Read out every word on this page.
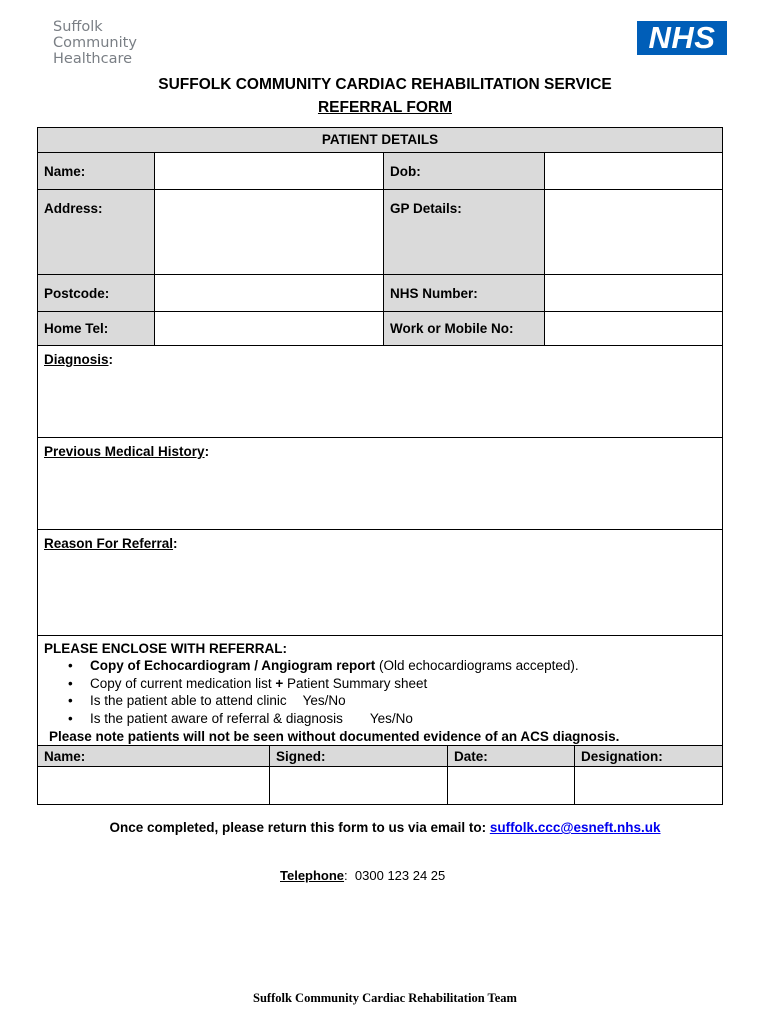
Suffolk
Community
Healthcare
NHS
SUFFOLK COMMUNITY CARDIAC REHABILITATION SERVICE
REFERRAL FORM
PATIENT DETAILS
Name:	Dob:
Address:	GP Details:
Postcode:	NHS Number:
Home Tel:	Work or Mobile No:
Diagnosis:
Previous Medical History:
Reason For Referral:
PLEASE ENCLOSE WITH REFERRAL:
• Copy of Echocardiogram / Angiogram report (Old echocardiograms accepted).
• Copy of current medication list + Patient Summary sheet
• Is the patient able to attend clinic Yes/No
• Is the patient aware of referral & diagnosis Yes/No
Please note patients will not be seen without documented evidence of an ACS diagnosis.
Name:	Signed:	Date:	Designation:
Once completed, please return this form to us via email to: suffolk.ccc@esneft.nhs.uk
Telephone: 0300 123 24 25
Suffolk Community Cardiac Rehabilitation Team
